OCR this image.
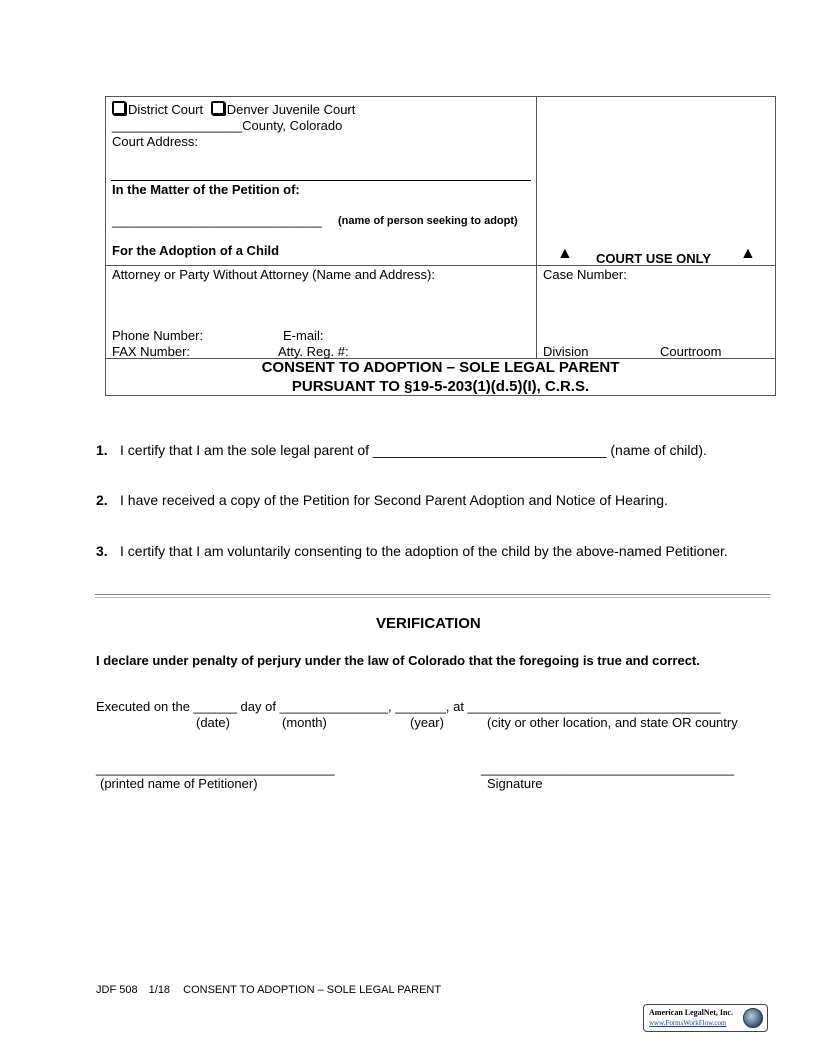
District Court Denver Juvenile Court
__________________County, Colorado
Court Address:
In the Matter of the Petition of:
_____________________________ (name of person seeking to adopt)
For the Adoption of a Child	▲ COURT USE ONLY ▲
Attorney or Party Without Attorney (Name and Address):
Phone Number:	E-mail:
FAX Number:	Atty. Reg. #:
Case Number:
Division	Courtroom
CONSENT TO ADOPTION – SOLE LEGAL PARENT
PURSUANT TO §19-5-203(1)(d.5)(I), C.R.S.
1. I certify that I am the sole legal parent of ______________________________ (name of child).
2. I have received a copy of the Petition for Second Parent Adoption and Notice of Hearing.
3. I certify that I am voluntarily consenting to the adoption of the child by the above-named Petitioner.
VERIFICATION
I declare under penalty of perjury under the law of Colorado that the foregoing is true and correct.
Executed on the ______ day of _______________, _______, at ___________________________________
(date)	(month)	(year)	(city or other location, and state OR country
_________________________________
(printed name of Petitioner)
___________________________________
Signature
JDF 508 1/18 CONSENT TO ADOPTION – SOLE LEGAL PARENT
American LegalNet, Inc.
www.FormsWorkFlow.com
